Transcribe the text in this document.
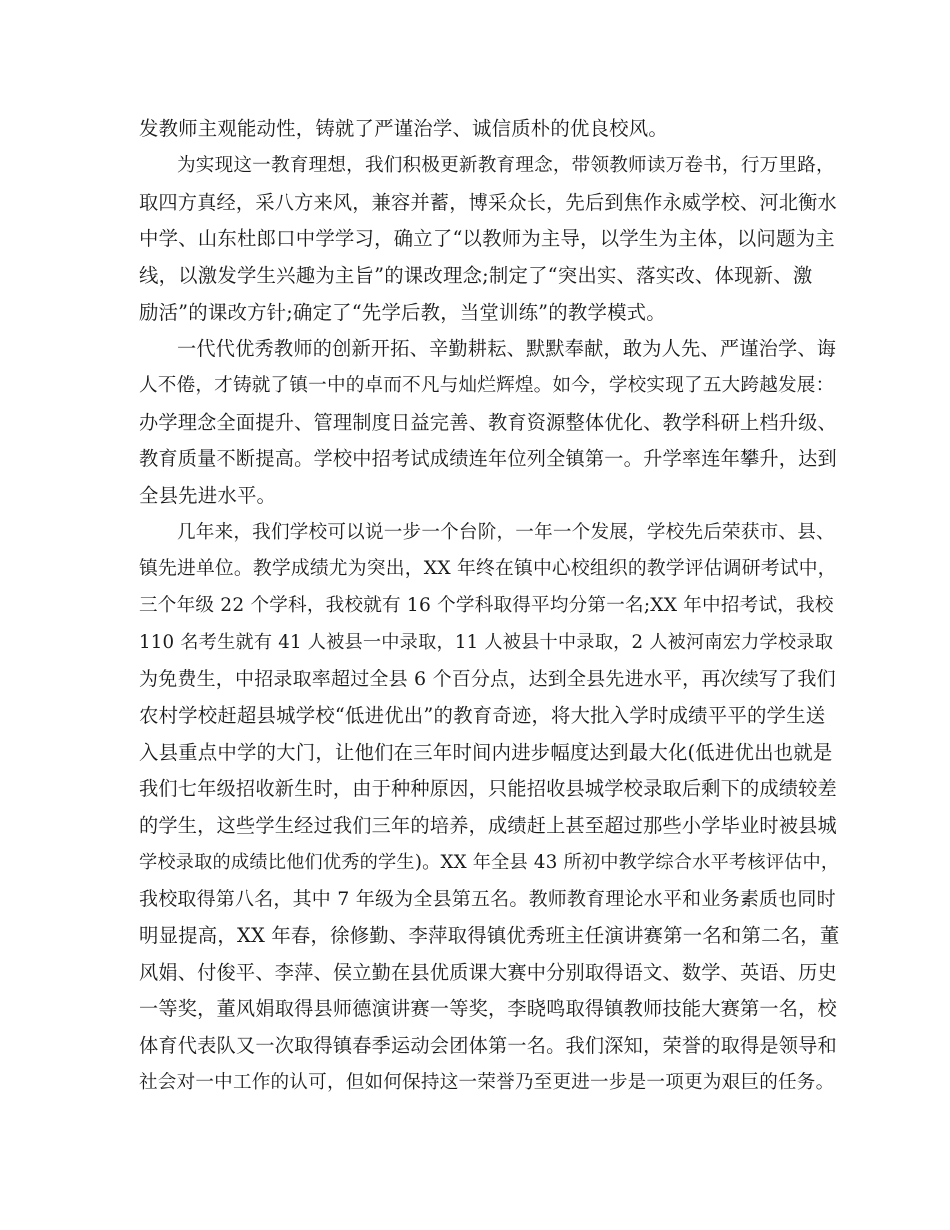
发教师主观能动性，铸就了严谨治学、诚信质朴的优良校风。
为实现这一教育理想，我们积极更新教育理念，带领教师读万卷书，行万里路，
取四方真经，采八方来风，兼容并蓄，博采众长，先后到焦作永威学校、河北衡水
中学、山东杜郎口中学学习，确立了“以教师为主导，以学生为主体，以问题为主
线，以激发学生兴趣为主旨”的课改理念;制定了“突出实、落实改、体现新、激
励活”的课改方针;确定了“先学后教，当堂训练”的教学模式。
一代代优秀教师的创新开拓、辛勤耕耘、默默奉献，敢为人先、严谨治学、诲
人不倦，才铸就了镇一中的卓而不凡与灿烂辉煌。如今，学校实现了五大跨越发展：
办学理念全面提升、管理制度日益完善、教育资源整体优化、教学科研上档升级、
教育质量不断提高。学校中招考试成绩连年位列全镇第一。升学率连年攀升，达到
全县先进水平。
几年来，我们学校可以说一步一个台阶，一年一个发展，学校先后荣获市、县、
镇先进单位。教学成绩尤为突出，XX 年终在镇中心校组织的教学评估调研考试中，
三个年级 22 个学科，我校就有 16 个学科取得平均分第一名;XX 年中招考试，我校
110 名考生就有 41 人被县一中录取，11 人被县十中录取，2 人被河南宏力学校录取
为免费生，中招录取率超过全县 6 个百分点，达到全县先进水平，再次续写了我们
农村学校赶超县城学校“低进优出”的教育奇迹，将大批入学时成绩平平的学生送
入县重点中学的大门，让他们在三年时间内进步幅度达到最大化(低进优出也就是
我们七年级招收新生时，由于种种原因，只能招收县城学校录取后剩下的成绩较差
的学生，这些学生经过我们三年的培养，成绩赶上甚至超过那些小学毕业时被县城
学校录取的成绩比他们优秀的学生)。XX 年全县 43 所初中教学综合水平考核评估中，
我校取得第八名，其中 7 年级为全县第五名。教师教育理论水平和业务素质也同时
明显提高，XX 年春，徐修勤、李萍取得镇优秀班主任演讲赛第一名和第二名，董
风娟、付俊平、李萍、侯立勤在县优质课大赛中分别取得语文、数学、英语、历史
一等奖，董风娟取得县师德演讲赛一等奖，李晓鸣取得镇教师技能大赛第一名，校
体育代表队又一次取得镇春季运动会团体第一名。我们深知，荣誉的取得是领导和
社会对一中工作的认可，但如何保持这一荣誉乃至更进一步是一项更为艰巨的任务。
